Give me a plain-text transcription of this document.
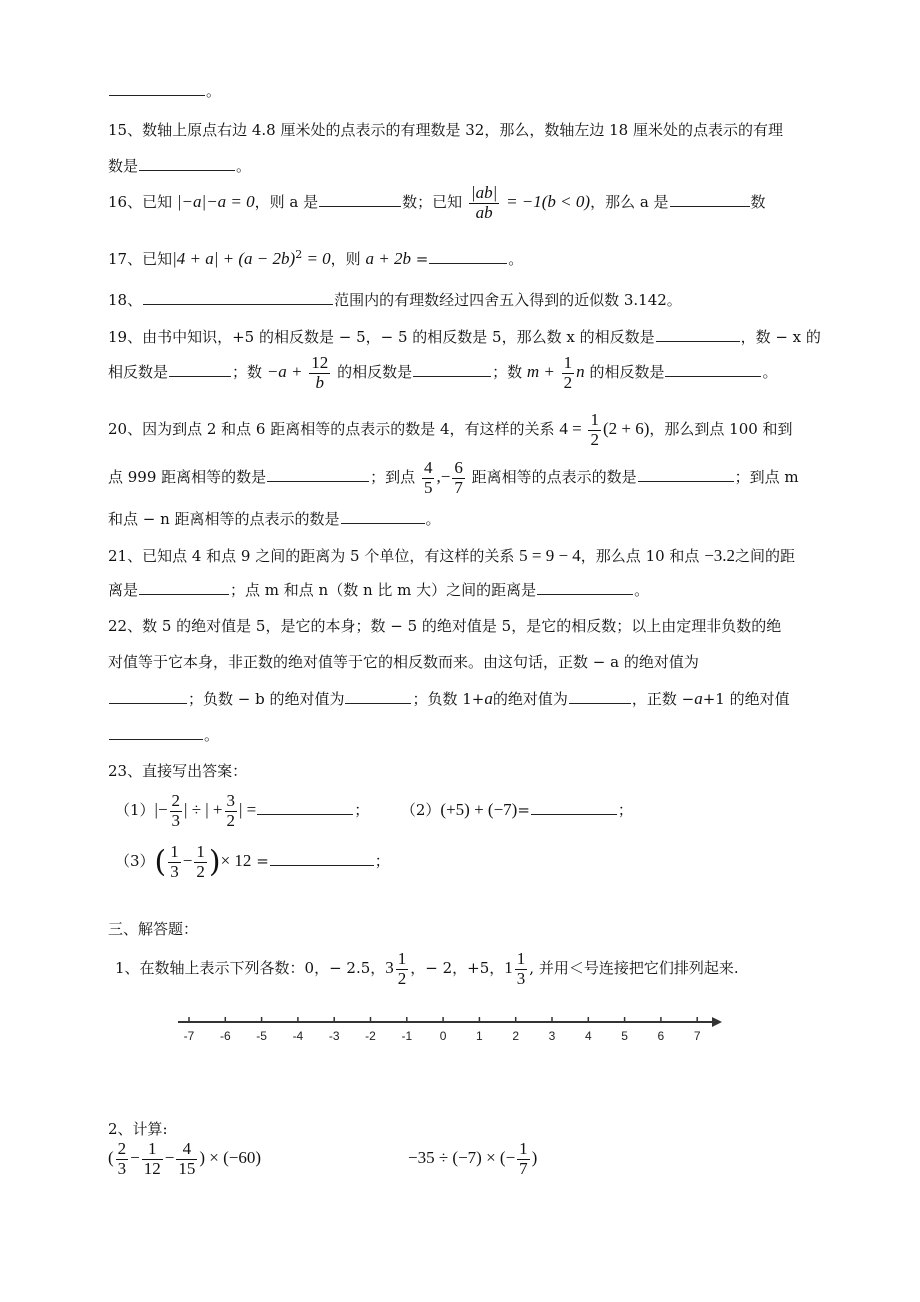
。
15、数轴上原点右边 4.8 厘米处的点表示的有理数是 32，那么，数轴左边 18 厘米处的点表示的有理
数是	。
16、已知 |−a|−a = 0，则 a 是	数；已知 $\frac{|ab|}{ab} = -1(b < 0)$，那么 a 是	数
17、已知$|4 + a| + (a - 2b)^2 = 0$，则 a + 2b =	。
18、	范围内的有理数经过四舍五入得到的近似数 3.142。
19、由书中知识，+5 的相反数是 − 5，− 5 的相反数是 5，那么数 x 的相反数是	，数 − x 的
相反数是	；数 $-a + \frac{12}{b}$ 的相反数是	；数 $m + \frac{1}{2}$ n 的相反数是	。
20、因为到点 2 和点 6 距离相等的点表示的数是 4，有这样的关系 $4 = \frac{1}{2} (2 + 6)$，那么到点 100 和到
点 999 距离相等的数是	；到点 $\frac{4}{5}$ ,− $\frac{6}{7}$ 距离相等的点表示的数是	；到点 m
和点 − n 距离相等的点表示的数是	。
21、已知点 4 和点 9 之间的距离为 5 个单位，有这样的关系 5 = 9 − 4，那么点 10 和点 −3.2之间的距
离是	；点 m 和点 n（数 n 比 m 大）之间的距离是	。
22、数 5 的绝对值是 5，是它的本身；数 − 5 的绝对值是 5，是它的相反数；以上由定理非负数的绝
对值等于它本身，非正数的绝对值等于它的相反数而来。由这句话，正数 − a 的绝对值为
；负数 − b 的绝对值为	；负数 1+a的绝对值为	，正数 −a+1 的绝对值
。
23、直接写出答案：
$(1)|- \frac{2}{3}$ | ÷ | + $\frac{3}{2}$ | =	； （2）(+5) + (−7)=	；
$(3)( \frac{1}{3} - \frac{1}{2}$ )× 12 =	；
三、解答题：
1、在数轴上表示下列各数：0，− 2.5，$3 \frac{1}{2}$ ，− 2，+5，$1 \frac{1}{3}$ , 并用＜号连接把它们排列起来.
-7 -6 -5 -4 -3 -2 -1 0 1 2 3 4 5 6 7
2、计算:
( $\frac{2}{3} - \frac{1}{12} - \frac{4}{15}$ ) × (−60)	−35 ÷ (−7) × (− $\frac{1}{7}$ )
